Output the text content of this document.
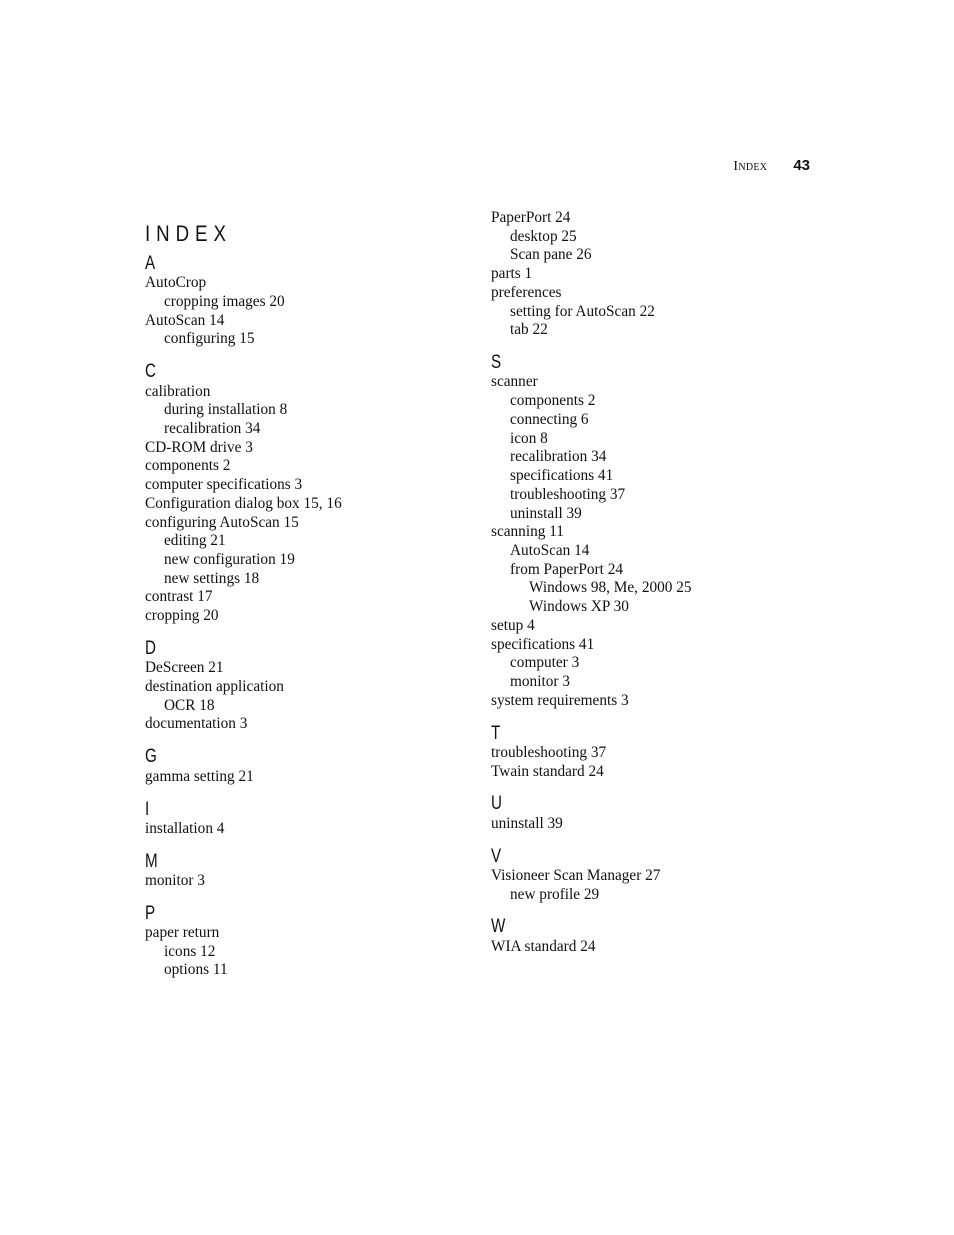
Index 43
INDEX
A

AutoCrop

cropping images 20

AutoScan 14

configuring 15

C

calibration

during installation 8

recalibration 34

CD-ROM drive 3

components 2

computer specifications 3

Configuration dialog box 15, 16

configuring AutoScan 15

editing 21

new configuration 19

new settings 18

contrast 17

cropping 20

D

DeScreen 21

destination application

OCR 18

documentation 3

G

gamma setting 21

I

installation 4

M

monitor 3

P

paper return

icons 12

options 11

PaperPort 24

desktop 25

Scan pane 26

parts 1

preferences

setting for AutoScan 22

tab 22

S

scanner

components 2

connecting 6

icon 8

recalibration 34

specifications 41

troubleshooting 37

uninstall 39

scanning 11

AutoScan 14

from PaperPort 24

Windows 98, Me, 2000 25

Windows XP 30

setup 4

specifications 41

computer 3

monitor 3

system requirements 3

T

troubleshooting 37

Twain standard 24

U

uninstall 39

V

Visioneer Scan Manager 27

new profile 29

W

WIA standard 24
